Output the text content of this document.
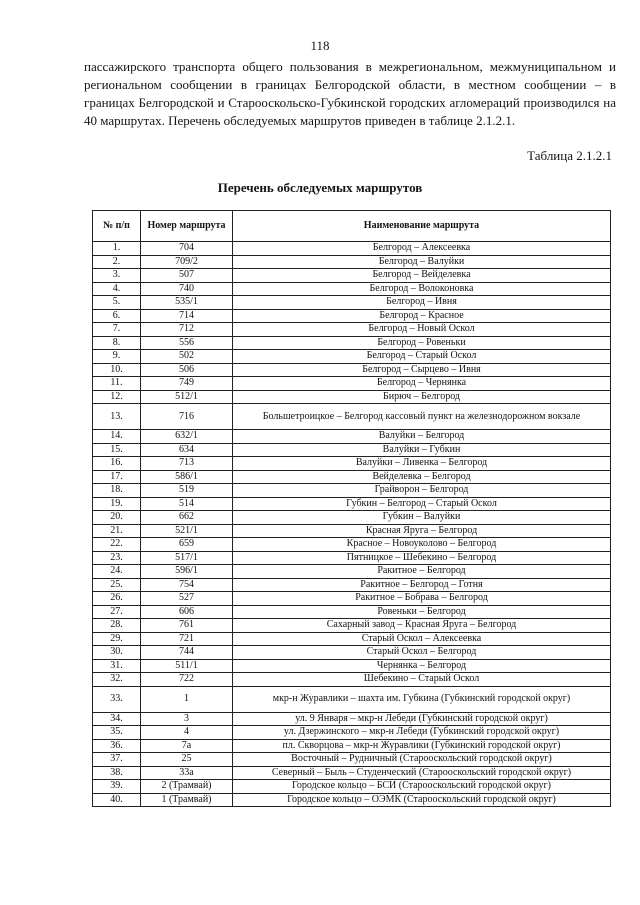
118

пассажирского транспорта общего пользования в межрегиональном, межмуниципальном и региональном сообщении в границах Белгородской области, в местном сообщении – в границах Белгородской и Старооскольско-Губкинской городских агломераций производился на 40 маршрутах. Перечень обследуемых маршрутов приведен в таблице 2.1.2.1.

Таблица 2.1.2.1
Перечень обследуемых маршрутов
№ п/п	Номер маршрута	Наименование маршрута
1.	704	Белгород – Алексеевка
2.	709/2	Белгород – Валуйки
3.	507	Белгород – Вейделевка
4.	740	Белгород – Волоконовка
5.	535/1	Белгород – Ивня
6.	714	Белгород – Красное
7.	712	Белгород – Новый Оскол
8.	556	Белгород – Ровеньки
9.	502	Белгород – Старый Оскол
10.	506	Белгород – Сырцево – Ивня
11.	749	Белгород – Чернянка
12.	512/1	Бирюч – Белгород
13.	716	Большетроицкое – Белгород кассовый пункт на железнодорожном вокзале
14.	632/1	Валуйки – Белгород
15.	634	Валуйки – Губкин
16.	713	Валуйки – Ливенка – Белгород
17.	586/1	Вейделевка – Белгород
18.	519	Грайворон – Белгород
19.	514	Губкин – Белгород – Старый Оскол
20.	662	Губкин – Валуйки
21.	521/1	Красная Яруга – Белгород
22.	659	Красное – Новоуколово – Белгород
23.	517/1	Пятницкое – Шебекино – Белгород
24.	596/1	Ракитное – Белгород
25.	754	Ракитное – Белгород – Готня
26.	527	Ракитное – Бобрава – Белгород
27.	606	Ровеньки – Белгород
28.	761	Сахарный завод – Красная Яруга – Белгород
29.	721	Старый Оскол – Алексеевка
30.	744	Старый Оскол – Белгород
31.	511/1	Чернянка – Белгород
32.	722	Шебекино – Старый Оскол
33.	1	мкр-н Журавлики – шахта им. Губкина (Губкинский городской округ)
34.	3	ул. 9 Января – мкр-н Лебеди (Губкинский городской округ)
35.	4	ул. Дзержинского – мкр-н Лебеди (Губкинский городской округ)
36.	7а	пл. Скворцова – мкр-н Журавлики (Губкинский городской округ)
37.	25	Восточный – Рудничный (Старооскольский городской округ)
38.	33а	Северный – Быль – Студенческий (Старооскольский городской округ)
39.	2 (Трамвай)	Городское кольцо – БСИ (Старооскольский городской округ)
40.	1 (Трамвай)	Городское кольцо – ОЭМК (Старооскольский городской округ)
